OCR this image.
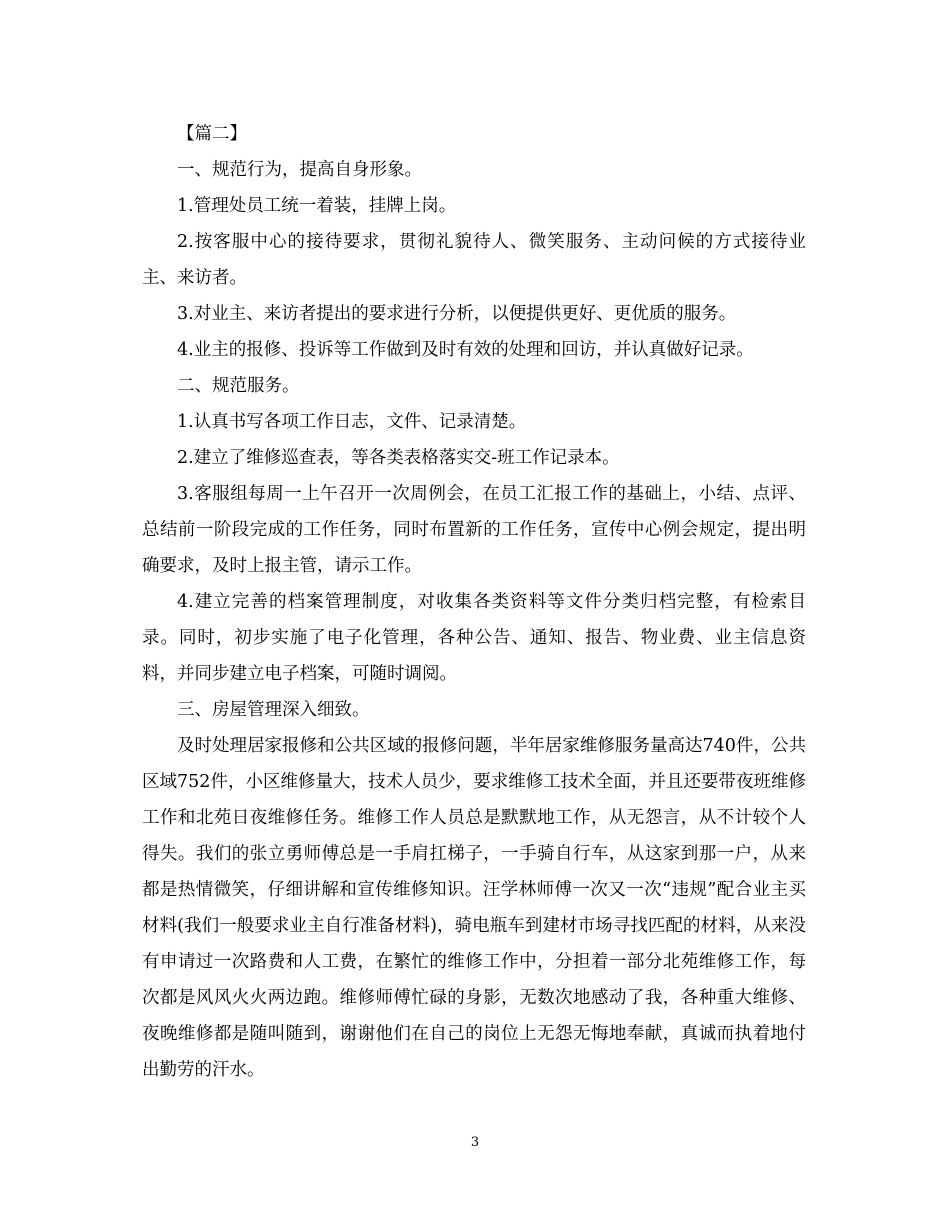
【篇二】

一、规范行为，提高自身形象。

1.管理处员工统一着装，挂牌上岗。

2.按客服中心的接待要求，贯彻礼貌待人、微笑服务、主动问候的方式接待业主、来访者。

3.对业主、来访者提出的要求进行分析，以便提供更好、更优质的服务。

4.业主的报修、投诉等工作做到及时有效的处理和回访，并认真做好记录。

二、规范服务。

1.认真书写各项工作日志，文件、记录清楚。

2.建立了维修巡查表，等各类表格落实交-班工作记录本。

3.客服组每周一上午召开一次周例会，在员工汇报工作的基础上，小结、点评、总结前一阶段完成的工作任务，同时布置新的工作任务，宣传中心例会规定，提出明确要求，及时上报主管，请示工作。

4.建立完善的档案管理制度，对收集各类资料等文件分类归档完整，有检索目录。同时，初步实施了电子化管理，各种公告、通知、报告、物业费、业主信息资料，并同步建立电子档案，可随时调阅。

三、房屋管理深入细致。

及时处理居家报修和公共区域的报修问题，半年居家维修服务量高达740件，公共区域752件，小区维修量大，技术人员少，要求维修工技术全面，并且还要带夜班维修工作和北苑日夜维修任务。维修工作人员总是默默地工作，从无怨言，从不计较个人得失。我们的张立勇师傅总是一手肩扛梯子，一手骑自行车，从这家到那一户，从来都是热情微笑，仔细讲解和宣传维修知识。汪学林师傅一次又一次“违规”配合业主买材料(我们一般要求业主自行准备材料)，骑电瓶车到建材市场寻找匹配的材料，从来没有申请过一次路费和人工费，在繁忙的维修工作中，分担着一部分北苑维修工作，每次都是风风火火两边跑。维修师傅忙碌的身影，无数次地感动了我，各种重大维修、夜晚维修都是随叫随到，谢谢他们在自己的岗位上无怨无悔地奉献，真诚而执着地付出勤劳的汗水。

3
